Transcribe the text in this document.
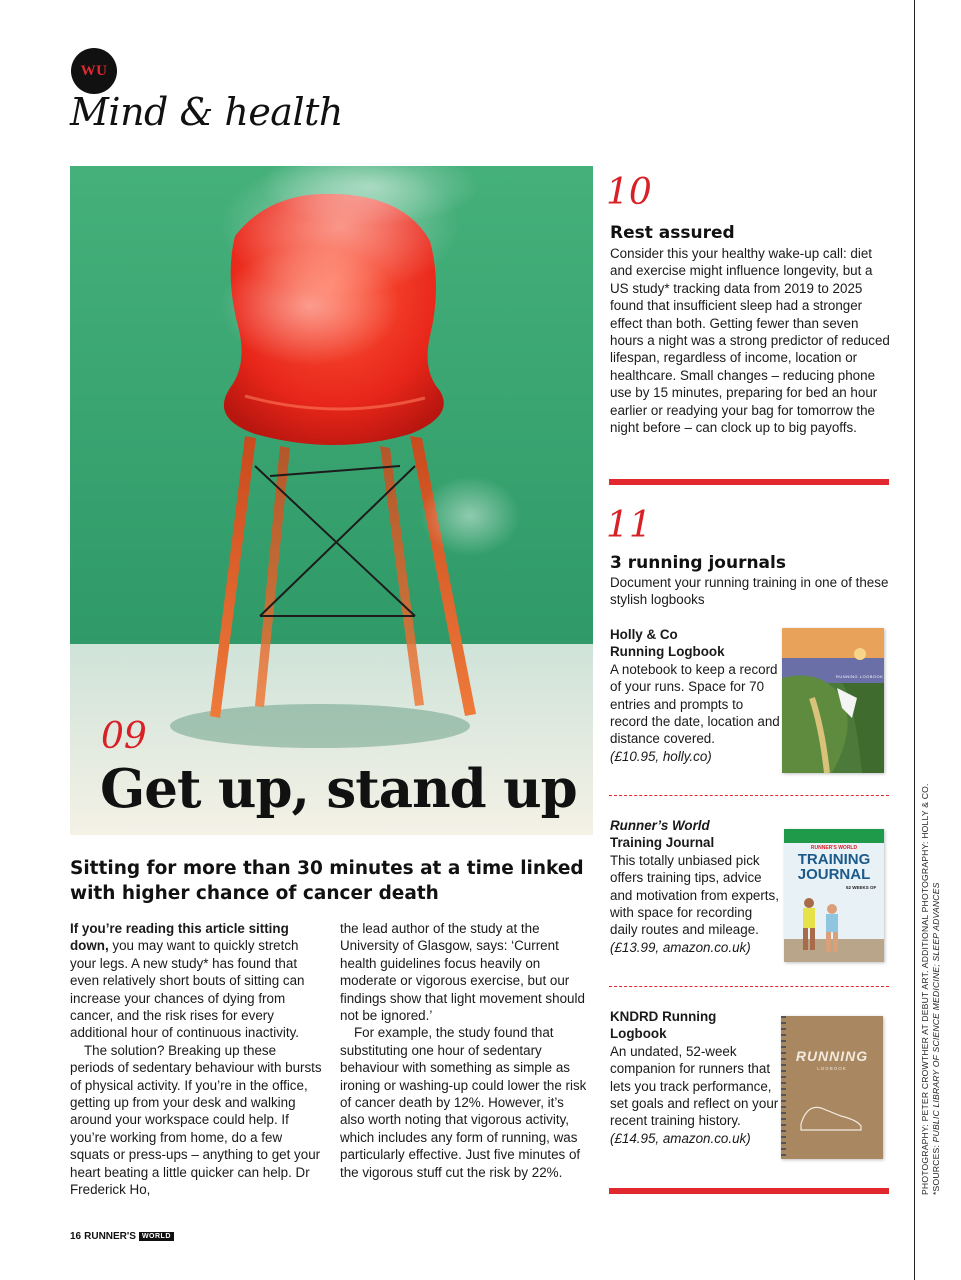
WU
Mind & health
09
Get up, stand up
Sitting for more than 30 minutes at a time linked with higher chance of cancer death

If you’re reading this article sitting down, you may want to quickly stretch your legs. A new study* has found that even relatively short bouts of sitting can increase your chances of dying from cancer, and the risk rises for every additional hour of continuous inactivity.

The solution? Breaking up these periods of sedentary behaviour with bursts of physical activity. If you’re in the office, getting up from your desk and walking around your workspace could help. If you’re working from home, do a few squats or press-ups – anything to get your heart beating a little quicker can help. Dr Frederick Ho,

the lead author of the study at the University of Glasgow, says: ‘Current health guidelines focus heavily on moderate or vigorous exercise, but our findings show that light movement should not be ignored.’

For example, the study found that substituting one hour of sedentary behaviour with something as simple as ironing or washing-up could lower the risk of cancer death by 12%. However, it’s also worth noting that vigorous activity, which includes any form of running, was particularly effective. Just five minutes of the vigorous stuff cut the risk by 22%.

16 RUNNER'S WORLD
10
Rest assured
Consider this your healthy wake-up call: diet and exercise might influence longevity, but a US study* tracking data from 2019 to 2025 found that insufficient sleep had a stronger effect than both. Getting fewer than seven hours a night was a strong predictor of reduced lifespan, regardless of income, location or healthcare. Small changes – reducing phone use by 15 minutes, preparing for bed an hour earlier or readying your bag for tomorrow the night before – can clock up to big payoffs.
11
3 running journals
Document your running training in one of these stylish logbooks
Holly & Co
Running Logbook
A notebook to keep a record of your runs. Space for 70 entries and prompts to record the date, location and distance covered.
(£10.95, holly.co)
RUNNING LOGBOOK
Runner’s World
Training Journal
This totally unbiased pick offers training tips, advice and motivation from experts, with space for recording daily routes and mileage.
(£13.99, amazon.co.uk)
RUNNER'S WORLD
TRAINING
JOURNAL
52 WEEKS OF
KNDRD Running
Logbook
An undated, 52-week companion for runners that lets you track performance, set goals and reflect on your recent training history.
(£14.95, amazon.co.uk)
RUNNING
LOGBOOK	PHOTOGRAPHY: PETER CROWTHER AT DEBUT ART. ADDITIONAL PHOTOGRAPHY: HOLLY & CO. *SOURCES: PUBLIC LIBRARY OF SCIENCE MEDICINE; SLEEP ADVANCES
